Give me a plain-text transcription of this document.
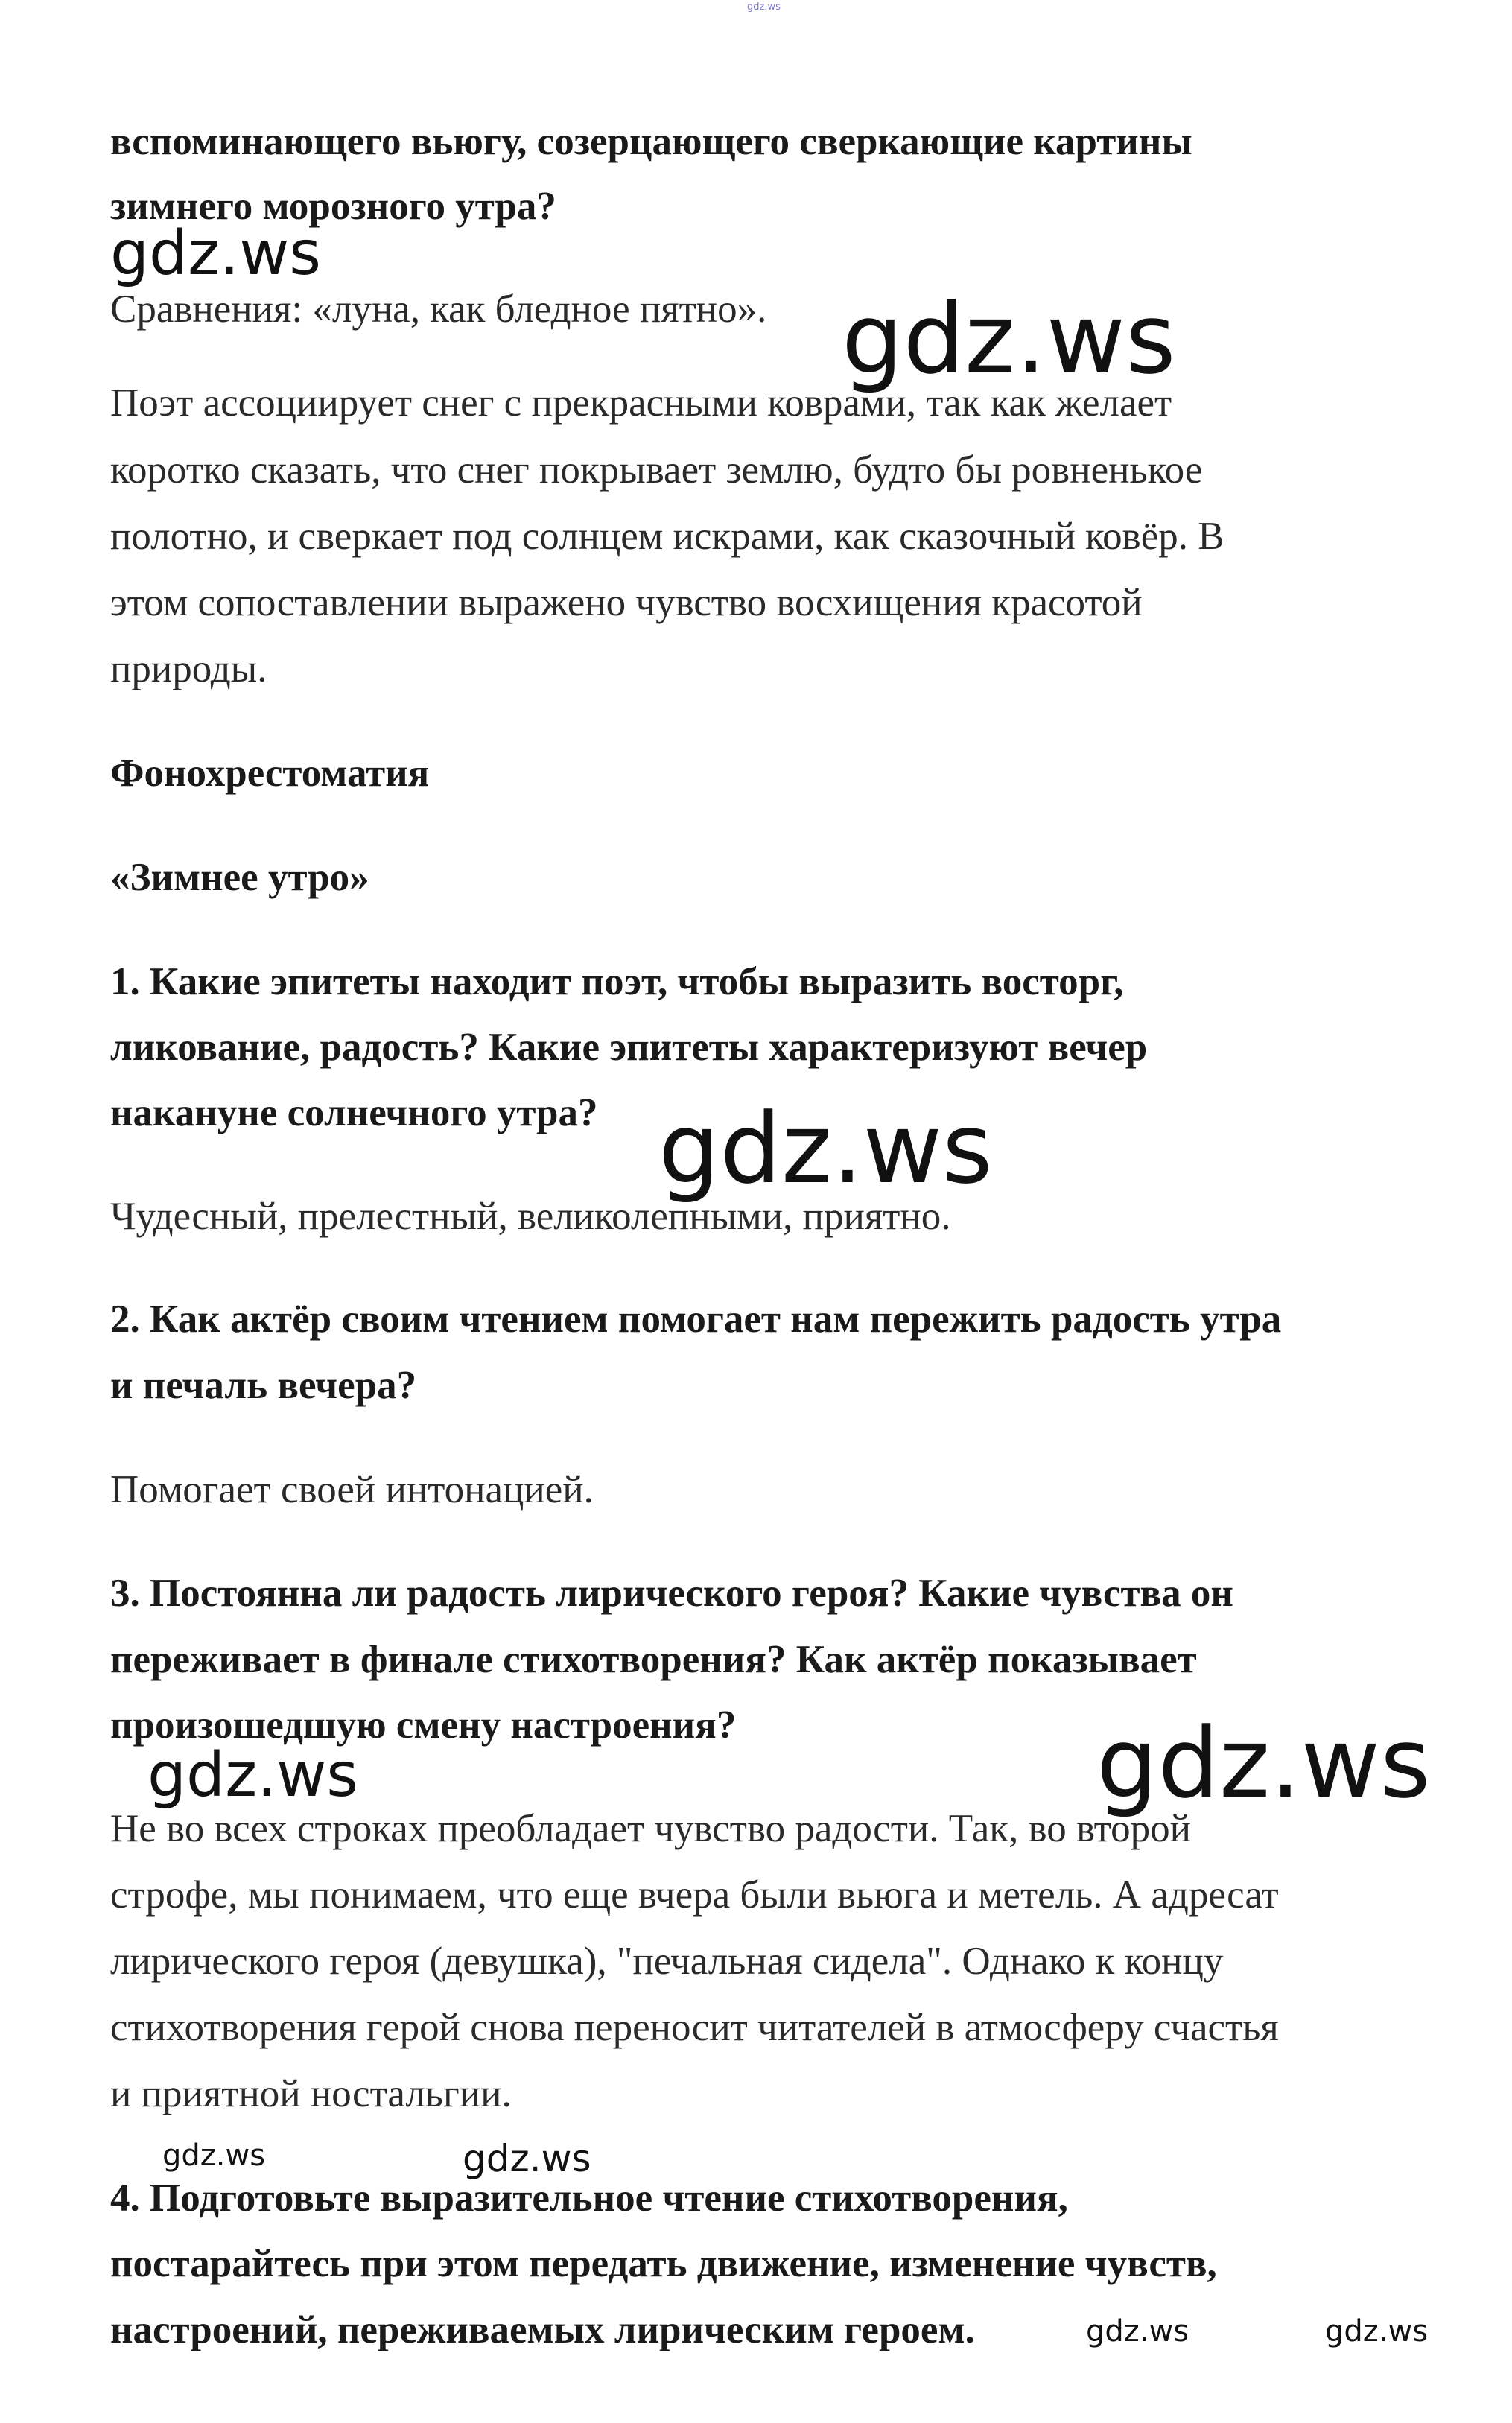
gdz.ws

вспоминающего вьюгу, созерцающего сверкающие картины

зимнего морозного утра?

gdz.ws

Сравнения: «луна, как бледное пятно». gdz.ws

Поэт ассоциирует снег с прекрасными коврами, так как желает

коротко сказать, что снег покрывает землю, будто бы ровненькое

полотно, и сверкает под солнцем искрами, как сказочный ковёр. В

этом сопоставлении выражено чувство восхищения красотой

природы.

Фонохрестоматия

«Зимнее утро»

1. Какие эпитеты находит поэт, чтобы выразить восторг,

ликование, радость? Какие эпитеты характеризуют вечер

накануне солнечного утра? gdz.ws

Чудесный, прелестный, великолепными, приятно.

2. Как актёр своим чтением помогает нам пережить радость утра

и печаль вечера?

Помогает своей интонацией.

3. Постоянна ли радость лирического героя? Какие чувства он

переживает в финале стихотворения? Как актёр показывает

произошедшую смену настроения?	gdz.ws
gdz.ws

Не во всех строках преобладает чувство радости. Так, во второй

строфе, мы понимаем, что еще вчера были вьюга и метель. А адресат

лирического героя (девушка), "печальная сидела". Однако к концу

стихотворения герой снова переносит читателей в атмосферу счастья

и приятной ностальгии.

gdz.ws	gdz.ws

4. Подготовьте выразительное чтение стихотворения,

постарайтесь при этом передать движение, изменение чувств,

настроений, переживаемых лирическим героем.	gdz.ws	gdz.ws
